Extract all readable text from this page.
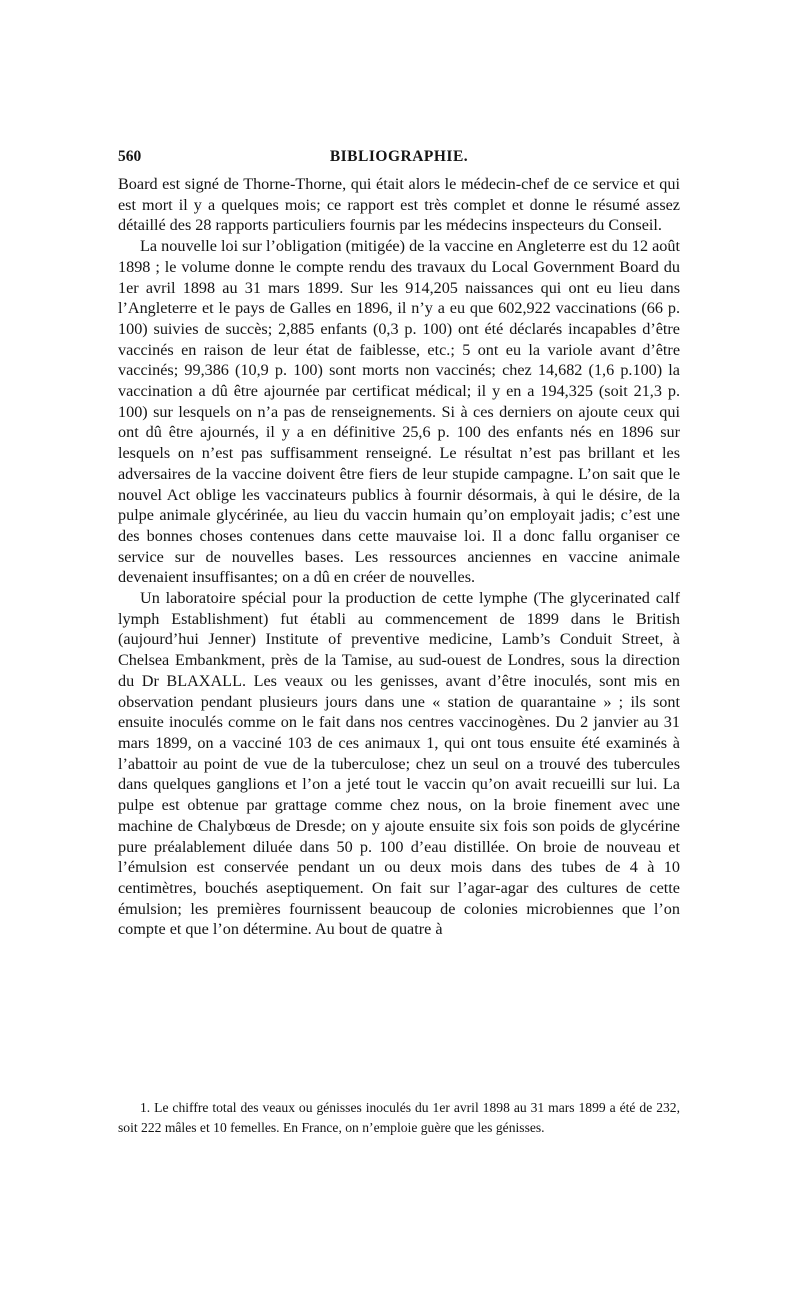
560	BIBLIOGRAPHIE.

Board est signé de Thorne-Thorne, qui était alors le médecin-chef de ce service et qui est mort il y a quelques mois; ce rapport est très complet et donne le résumé assez détaillé des 28 rapports particuliers fournis par les médecins inspecteurs du Conseil.

La nouvelle loi sur l’obligation (mitigée) de la vaccine en Angleterre est du 12 août 1898 ; le volume donne le compte rendu des travaux du Local Government Board du 1er avril 1898 au 31 mars 1899. Sur les 914,205 naissances qui ont eu lieu dans l’Angleterre et le pays de Galles en 1896, il n’y a eu que 602,922 vaccinations (66 p. 100) suivies de succès; 2,885 enfants (0,3 p. 100) ont été déclarés incapables d’être vaccinés en raison de leur état de faiblesse, etc.; 5 ont eu la variole avant d’être vaccinés; 99,386 (10,9 p. 100) sont morts non vaccinés; chez 14,682 (1,6 p.100) la vaccination a dû être ajournée par certificat médical; il y en a 194,325 (soit 21,3 p. 100) sur lesquels on n’a pas de renseignements. Si à ces derniers on ajoute ceux qui ont dû être ajournés, il y a en définitive 25,6 p. 100 des enfants nés en 1896 sur lesquels on n’est pas suffisamment renseigné. Le résultat n’est pas brillant et les adversaires de la vaccine doivent être fiers de leur stupide campagne. L’on sait que le nouvel Act oblige les vaccinateurs publics à fournir désormais, à qui le désire, de la pulpe animale glycérinée, au lieu du vaccin humain qu’on employait jadis; c’est une des bonnes choses contenues dans cette mauvaise loi. Il a donc fallu organiser ce service sur de nouvelles bases. Les ressources anciennes en vaccine animale devenaient insuffisantes; on a dû en créer de nouvelles.

Un laboratoire spécial pour la production de cette lymphe (The glycerinated calf lymph Establishment) fut établi au commencement de 1899 dans le British (aujourd’hui Jenner) Institute of preventive medicine, Lamb’s Conduit Street, à Chelsea Embankment, près de la Tamise, au sud-ouest de Londres, sous la direction du Dr BLAXALL. Les veaux ou les genisses, avant d’être inoculés, sont mis en observation pendant plusieurs jours dans une « station de quarantaine » ; ils sont ensuite inoculés comme on le fait dans nos centres vaccinogènes. Du 2 janvier au 31 mars 1899, on a vacciné 103 de ces animaux 1, qui ont tous ensuite été examinés à l’abattoir au point de vue de la tuberculose; chez un seul on a trouvé des tubercules dans quelques ganglions et l’on a jeté tout le vaccin qu’on avait recueilli sur lui. La pulpe est obtenue par grattage comme chez nous, on la broie finement avec une machine de Chalybœus de Dresde; on y ajoute ensuite six fois son poids de glycérine pure préalablement diluée dans 50 p. 100 d’eau distillée. On broie de nouveau et l’émulsion est conservée pendant un ou deux mois dans des tubes de 4 à 10 centimètres, bouchés aseptiquement. On fait sur l’agar-agar des cultures de cette émulsion; les premières fournissent beaucoup de colonies microbiennes que l’on compte et que l’on détermine. Au bout de quatre à

1. Le chiffre total des veaux ou génisses inoculés du 1er avril 1898 au 31 mars 1899 a été de 232, soit 222 mâles et 10 femelles. En France, on n’emploie guère que les génisses.
